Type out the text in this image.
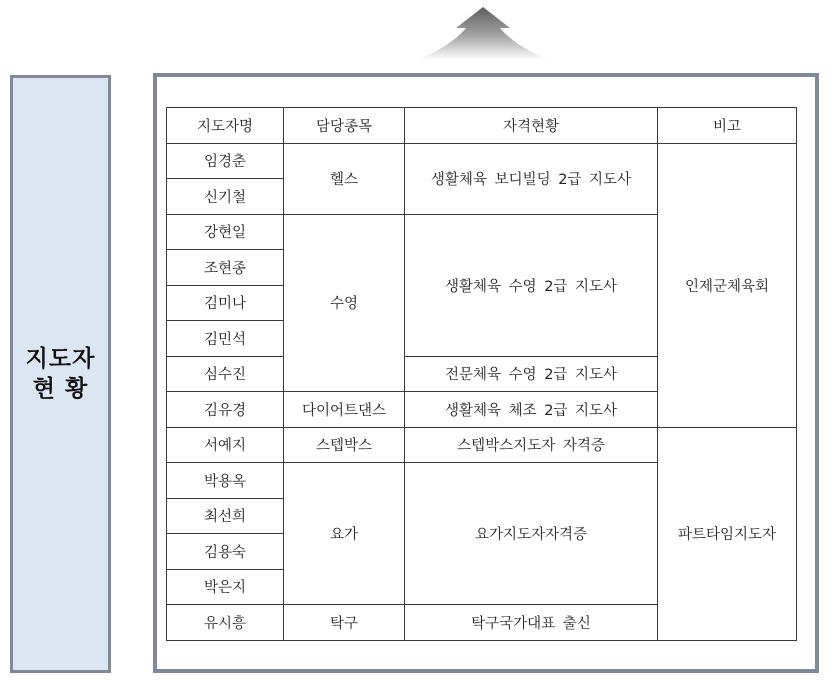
지도자
현 황
지도자명	담당종목	자격현황	비고
임경춘	헬스	생활체육 보디빌딩 2급 지도사	인제군체육회
신기철			
강현일	수영	생활체육 수영 2급 지도사	
조현종			
김미나			
김민석			
심수진		전문체육 수영 2급 지도사	
김유경	다이어트댄스	생활체육 체조 2급 지도사	
서예지	스텝박스	스텝박스지도자 자격증	파트타임지도자
박용옥	요가	요가지도자자격증	
최선희			
김용숙			
박은지			
유시흥	탁구	탁구국가대표 출신	
